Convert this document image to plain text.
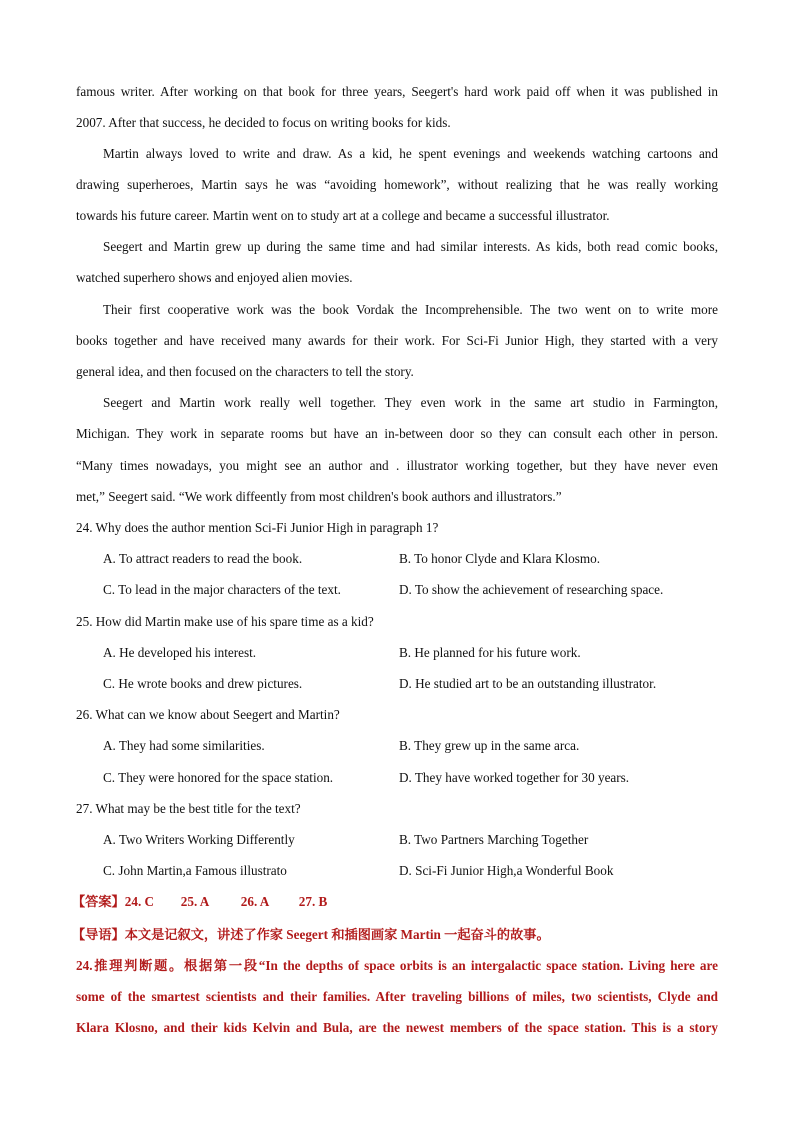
famous writer. After working on that book for three years, Seegert's hard work paid off when it was published in
2007. After that success, he decided to focus on writing books for kids.
Martin always loved to write and draw. As a kid, he spent evenings and weekends watching cartoons and
drawing superheroes, Martin says he was “avoiding homework”, without realizing that he was really working
towards his future career. Martin went on to study art at a college and became a successful illustrator.
Seegert and Martin grew up during the same time and had similar interests. As kids, both read comic books,
watched superhero shows and enjoyed alien movies.
Their first cooperative work was the book Vordak the Incomprehensible. The two went on to write more
books together and have received many awards for their work. For Sci-Fi Junior High, they started with a very
general idea, and then focused on the characters to tell the story.
Seegert and Martin work really well together. They even work in the same art studio in Farmington,
Michigan. They work in separate rooms but have an in-between door so they can consult each other in person.
“Many times nowadays, you might see an author and . illustrator working together, but they have never even
met,” Seegert said. “We work diffeently from most children's book authors and illustrators.”
24. Why does the author mention Sci-Fi Junior High in paragraph 1?
A. To attract readers to read the book.	B. To honor Clyde and Klara Klosmo.
C. To lead in the major characters of the text.	D. To show the achievement of researching space.
25. How did Martin make use of his spare time as a kid?
A. He developed his interest.	B. He planned for his future work.
C. He wrote books and drew pictures.	D. He studied art to be an outstanding illustrator.
26. What can we know about Seegert and Martin?
A. They had some similarities.	B. They grew up in the same arca.
C. They were honored for the space station.	D. They have worked together for 30 years.
27. What may be the best title for the text?
A. Two Writers Working Differently	B. Two Partners Marching Together
C. John Martin,a Famous illustrato	D. Sci-Fi Junior High,a Wonderful Book
【答案】24. C 25. A 26. A 27. B
【导语】本文是记叙文，讲述了作家 Seegert 和插图画家 Martin 一起奋斗的故事。
24.推理判断题。根据第一段“In the depths of space orbits is an intergalactic space station. Living here are
some of the smartest scientists and their families. After traveling billions of miles, two scientists, Clyde and
Klara Klosno, and their kids Kelvin and Bula, are the newest members of the space station. This is a story
